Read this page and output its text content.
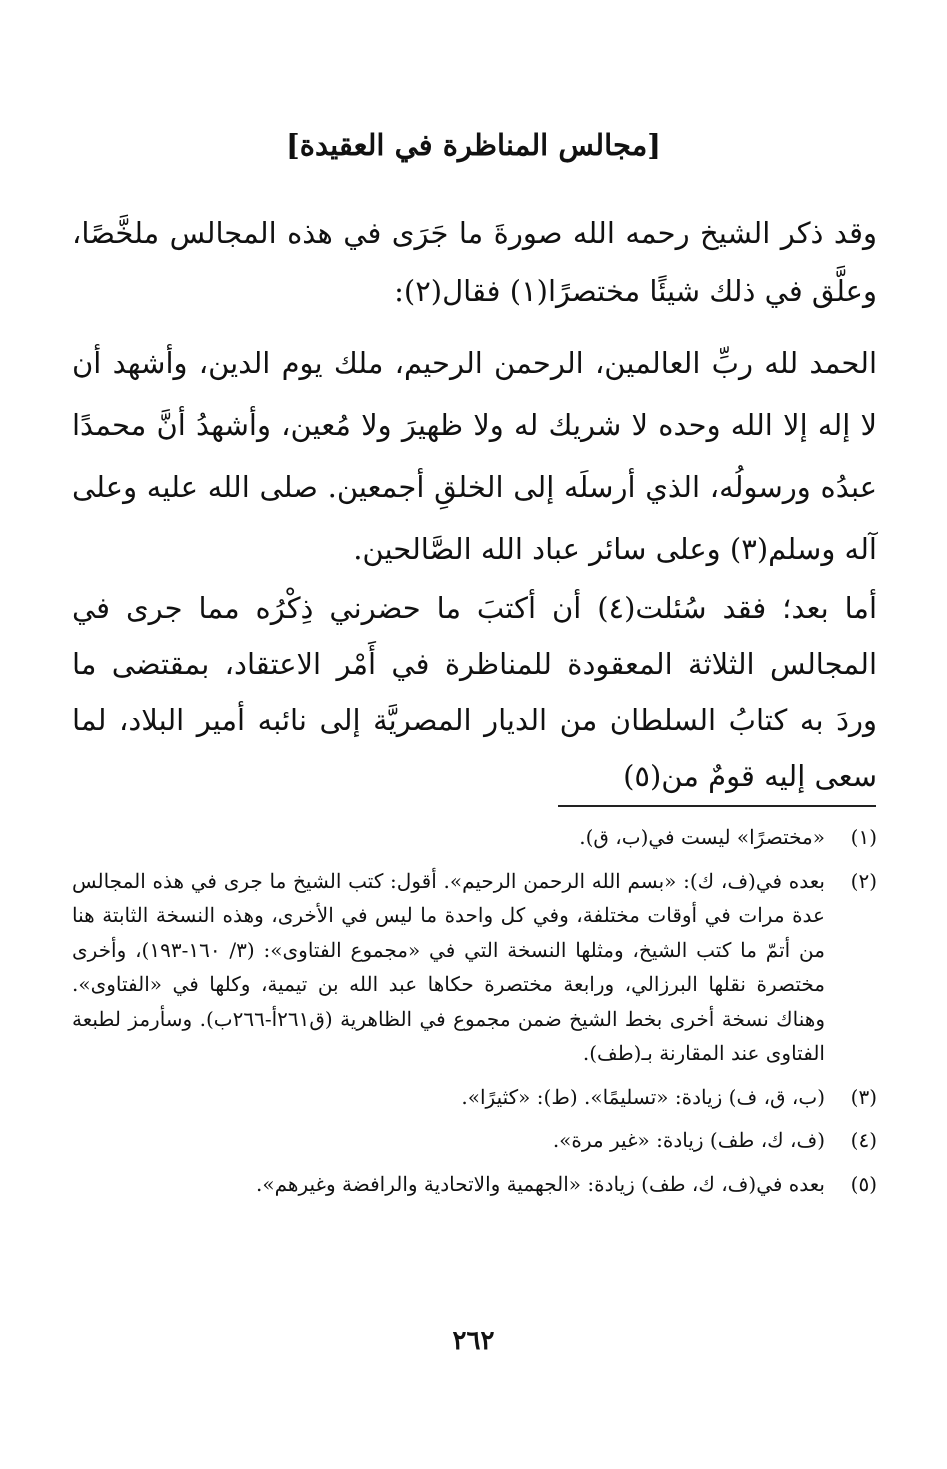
[مجالس المناظرة في العقيدة]

وقد ذكر الشيخ رحمه الله صورةَ ما جَرَى في هذه المجالس ملخَّصًا، وعلَّق في ذلك شيئًا مختصرًا(١) فقال(٢):

الحمد لله ربِّ العالمين، الرحمن الرحيم، ملك يوم الدين، وأشهد أن لا إله إلا الله وحده لا شريك له ولا ظهيرَ ولا مُعين، وأشهدُ أنَّ محمدًا عبدُه ورسولُه، الذي أرسلَه إلى الخلقِ أجمعين. صلى الله عليه وعلى آله وسلم(٣) وعلى سائر عباد الله الصَّالحين.

أما بعد؛ فقد سُئلت(٤) أن أكتبَ ما حضرني ذِكْرُه مما جرى في المجالس الثلاثة المعقودة للمناظرة في أَمْر الاعتقاد، بمقتضى ما وردَ به كتابُ السلطان من الديار المصريَّة إلى نائبه أمير البلاد، لما سعى إليه قومٌ من(٥)

(١)
«مختصرًا» ليست في(ب، ق).
(٢)
بعده في(ف، ك): «بسم الله الرحمن الرحيم». أقول: كتب الشيخ ما جرى في هذه المجالس عدة مرات في أوقات مختلفة، وفي كل واحدة ما ليس في الأخرى، وهذه النسخة الثابتة هنا من أتمّ ما كتب الشيخ، ومثلها النسخة التي في «مجموع الفتاوى»: (٣/ ١٦٠-١٩٣)، وأخرى مختصرة نقلها البرزالي، ورابعة مختصرة حكاها عبد الله بن تيمية، وكلها في «الفتاوى». وهناك نسخة أخرى بخط الشيخ ضمن مجموع في الظاهرية (ق٢٦١أ-٢٦٦ب). وسأرمز لطبعة الفتاوى عند المقارنة بـ(طف).
(٣)
(ب، ق، ف) زيادة: «تسليمًا». (ط): «كثيرًا».
(٤)
(ف، ك، طف) زيادة: «غير مرة».
(٥)
بعده في(ف، ك، طف) زيادة: «الجهمية والاتحادية والرافضة وغيرهم».
٢٦٢
